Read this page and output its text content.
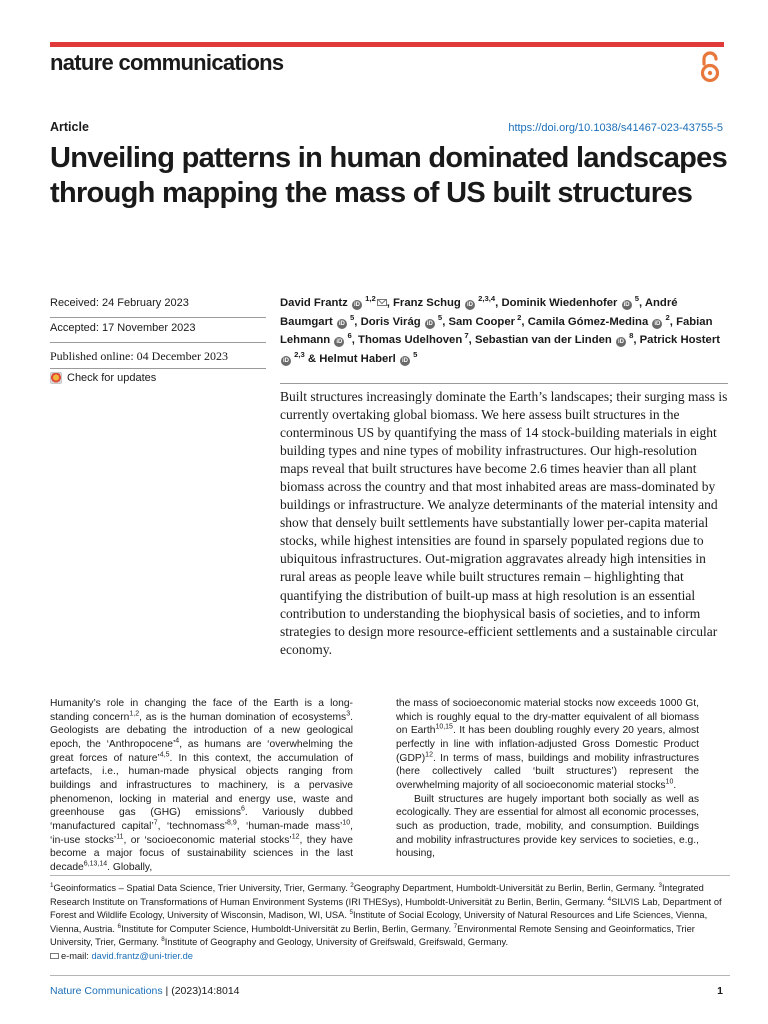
nature communications
Article	https://doi.org/10.1038/s41467-023-43755-5
Unveiling patterns in human dominated landscapes through mapping the mass of US built structures
Received: 24 February 2023
Accepted: 17 November 2023
Published online: 04 December 2023
Check for updates
David Frantz iD $^{1,2}$ , Franz Schug iD $^{2,3,4}$, Dominik Wiedenhofer iD $^5$, André Baumgart iD $^5$, Doris Virág iD $^5$, Sam Cooper $^2$, Camila Gómez-Medina iD $^2$, Fabian Lehmann iD $^6$, Thomas Udelhoven $^7$, Sebastian van der Linden iD $^8$, Patrick Hostert iD $^{2,3}$ & Helmut Haberl iD $^5$

Built structures increasingly dominate the Earth’s landscapes; their surging mass is currently overtaking global biomass. We here assess built structures in the conterminous US by quantifying the mass of 14 stock-building materials in eight building types and nine types of mobility infrastructures. Our high-resolution maps reveal that built structures have become 2.6 times heavier than all plant biomass across the country and that most inhabited areas are mass-dominated by buildings or infrastructure. We analyze determinants of the material intensity and show that densely built settlements have substantially lower per-capita material stocks, while highest intensities are found in sparsely populated regions due to ubiquitous infrastructures. Out-migration aggravates already high intensities in rural areas as people leave while built structures remain – highlighting that quantifying the distribution of built-up mass at high resolution is an essential contribution to understanding the biophysical basis of societies, and to inform strategies to design more resource-efficient settlements and a sustainable circular economy.

Humanity’s role in changing the face of the Earth is a long-standing concern$^{1,2}$, as is the human domination of ecosystems$^3$. Geologists are debating the introduction of a new geological epoch, the ‘Anthropocene’$^4$, as humans are ‘overwhelming the great forces of nature’$^{4,5}$. In this context, the accumulation of artefacts, i.e., human-made physical objects ranging from buildings and infrastructures to machinery, is a pervasive phenomenon, locking in material and energy use, waste and greenhouse gas (GHG) emissions$^6$. Variously dubbed ‘manufactured capital’$^7$, ‘technomass’$^{8,9}$, ‘human-made mass’$^{10}$, ‘in-use stocks’$^{11}$, or ‘socioeconomic material stocks’$^{12}$, they have become a major focus of sustainability sciences in the last decade$^{6,13,14}$. Globally,

the mass of socioeconomic material stocks now exceeds 1000 Gt, which is roughly equal to the dry-matter equivalent of all biomass on Earth$^{10,15}$. It has been doubling roughly every 20 years, almost perfectly in line with inflation-adjusted Gross Domestic Product (GDP)$^{12}$. In terms of mass, buildings and mobility infrastructures (here collectively called ‘built structures’) represent the overwhelming majority of all socioeconomic material stocks$^{10}$.

Built structures are hugely important both socially as well as ecologically. They are essential for almost all economic processes, such as production, trade, mobility, and consumption. Buildings and mobility infrastructures provide key services to societies, e.g., housing,

$^1$Geoinformatics – Spatial Data Science, Trier University, Trier, Germany. $^2$Geography Department, Humboldt-Universität zu Berlin, Berlin, Germany. $^3$Integrated Research Institute on Transformations of Human Environment Systems (IRI THESys), Humboldt-Universität zu Berlin, Berlin, Germany. $^4$SILVIS Lab, Department of Forest and Wildlife Ecology, University of Wisconsin, Madison, WI, USA. $^5$Institute of Social Ecology, University of Natural Resources and Life Sciences, Vienna, Vienna, Austria. $^6$Institute for Computer Science, Humboldt-Universität zu Berlin, Berlin, Germany. $^7$Environmental Remote Sensing and Geoinformatics, Trier University, Trier, Germany. $^8$Institute of Geography and Geology, University of Greifswald, Greifswald, Germany.
e-mail: david.frantz@uni-trier.de

Nature Communications | (2023)14:8014	1
